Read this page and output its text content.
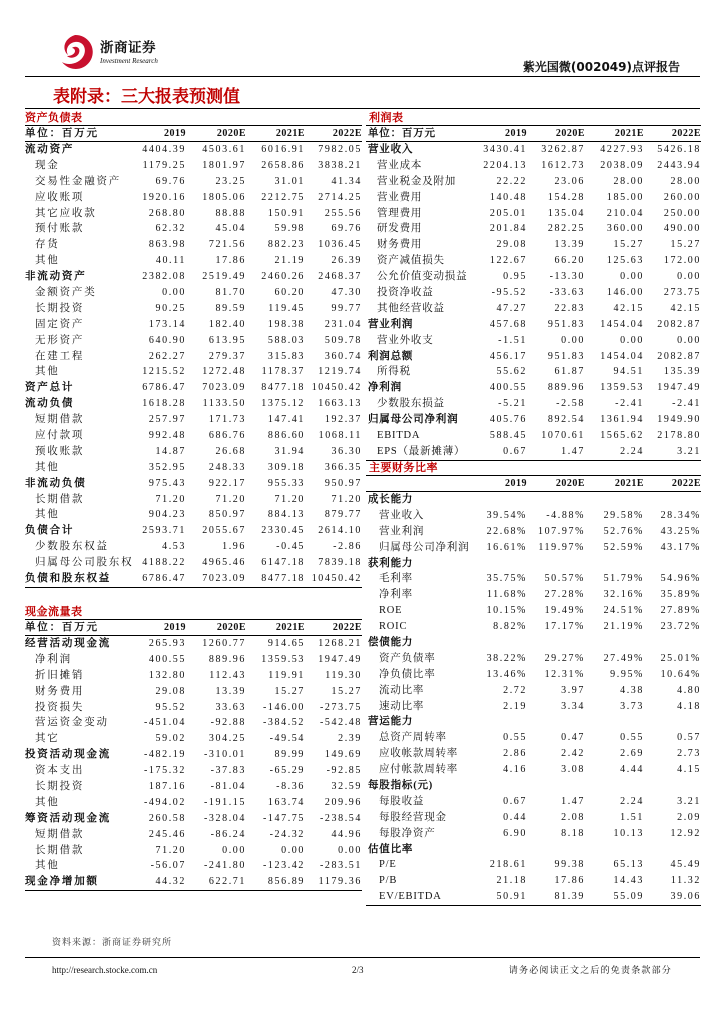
浙商证券
Investment Research	紫光国微(002049)点评报告
表附录：三大报表预测值
资产负债表
单位：百万元	2019	2020E	2021E	2022E
流动资产	4404.39	4503.61	6016.91	7982.05
现金	1179.25	1801.97	2658.86	3838.21
交易性金融资产	69.76	23.25	31.01	41.34
应收账项	1920.16	1805.06	2212.75	2714.25
其它应收款	268.80	88.88	150.91	255.56
预付账款	62.32	45.04	59.98	69.76
存货	863.98	721.56	882.23	1036.45
其他	40.11	17.86	21.19	26.39
非流动资产	2382.08	2519.49	2460.26	2468.37
金额资产类	0.00	81.70	60.20	47.30
长期投资	90.25	89.59	119.45	99.77
固定资产	173.14	182.40	198.38	231.04
无形资产	640.90	613.95	588.03	509.78
在建工程	262.27	279.37	315.83	360.74
其他	1215.52	1272.48	1178.37	1219.74
资产总计	6786.47	7023.09	8477.18 10450.42
流动负债	1618.28	1133.50	1375.12	1663.13
短期借款	257.97	171.73	147.41	192.37
应付款项	992.48	686.76	886.60	1068.11
预收账款	14.87	26.68	31.94	36.30
其他	352.95	248.33	309.18	366.35
非流动负债	975.43	922.17	955.33	950.97
长期借款	71.20	71.20	71.20	71.20
其他	904.23	850.97	884.13	879.77
负债合计	2593.71	2055.67	2330.45	2614.10
少数股东权益	4.53	1.96	-0.45	-2.86
归属母公司股东权 4188.22	4965.46	6147.18	7839.18
负债和股东权益	6786.47	7023.09	8477.18 10450.42
现金流量表
单位：百万元	2019	2020E	2021E	2022E
经营活动现金流	265.93	1260.77	914.65	1268.21
净利润	400.55	889.96	1359.53	1947.49
折旧摊销	132.80	112.43	119.91	119.30
财务费用	29.08	13.39	15.27	15.27
投资损失	95.52	33.63	-146.00	-273.75
营运资金变动	-451.04	-92.88	-384.52	-542.48
其它	59.02	304.25	-49.54	2.39
投资活动现金流	-482.19	-310.01	89.99	149.69
资本支出	-175.32	-37.83	-65.29	-92.85
长期投资	187.16	-81.04	-8.36	32.59
其他	-494.02	-191.15	163.74	209.96
筹资活动现金流	260.58	-328.04	-147.75	-238.54
短期借款	245.46	-86.24	-24.32	44.96
长期借款	71.20	0.00	0.00	0.00
其他	-56.07	-241.80	-123.42	-283.51
现金净增加额	44.32	622.71	856.89	1179.36
利润表
单位：百万元	2019	2020E	2021E	2022E
营业收入	3430.41	3262.87	4227.93	5426.18
营业成本	2204.13	1612.73	2038.09	2443.94
营业税金及附加	22.22	23.06	28.00	28.00
营业费用	140.48	154.28	185.00	260.00
管理费用	205.01	135.04	210.04	250.00
研发费用	201.84	282.25	360.00	490.00
财务费用	29.08	13.39	15.27	15.27
资产减值损失	122.67	66.20	125.63	172.00
公允价值变动损益	0.95	-13.30	0.00	0.00
投资净收益	-95.52	-33.63	146.00	273.75
其他经营收益	47.27	22.83	42.15	42.15
营业利润	457.68	951.83	1454.04	2082.87
营业外收支	-1.51	0.00	0.00	0.00
利润总额	456.17	951.83	1454.04	2082.87
所得税	55.62	61.87	94.51	135.39
净利润	400.55	889.96	1359.53	1947.49
少数股东损益	-5.21	-2.58	-2.41	-2.41
归属母公司净利润	405.76	892.54	1361.94	1949.90
EBITDA	588.45	1070.61	1565.62	2178.80
EPS（最新摊薄）	0.67	1.47	2.24	3.21
主要财务比率
2019	2020E	2021E	2022E
成长能力
营业收入	39.54%	-4.88%	29.58%	28.34%
营业利润	22.68%	107.97%	52.76%	43.25%
归属母公司净利润	16.61%	119.97%	52.59%	43.17%
获利能力
毛利率	35.75%	50.57%	51.79%	54.96%
净利率	11.68%	27.28%	32.16%	35.89%
ROE	10.15%	19.49%	24.51%	27.89%
ROIC	8.82%	17.17%	21.19%	23.72%
偿债能力
资产负债率	38.22%	29.27%	27.49%	25.01%
净负债比率	13.46%	12.31%	9.95%	10.64%
流动比率	2.72	3.97	4.38	4.80
速动比率	2.19	3.34	3.73	4.18
营运能力
总资产周转率	0.55	0.47	0.55	0.57
应收帐款周转率	2.86	2.42	2.69	2.73
应付帐款周转率	4.16	3.08	4.44	4.15
每股指标(元)
每股收益	0.67	1.47	2.24	3.21
每股经营现金	0.44	2.08	1.51	2.09
每股净资产	6.90	8.18	10.13	12.92
估值比率
P/E	218.61	99.38	65.13	45.49
P/B	21.18	17.86	14.43	11.32
EV/EBITDA	50.91	81.39	55.09	39.06
资料来源：浙商证券研究所
http://research.stocke.com.cn	2/3	请务必阅读正文之后的免责条款部分
